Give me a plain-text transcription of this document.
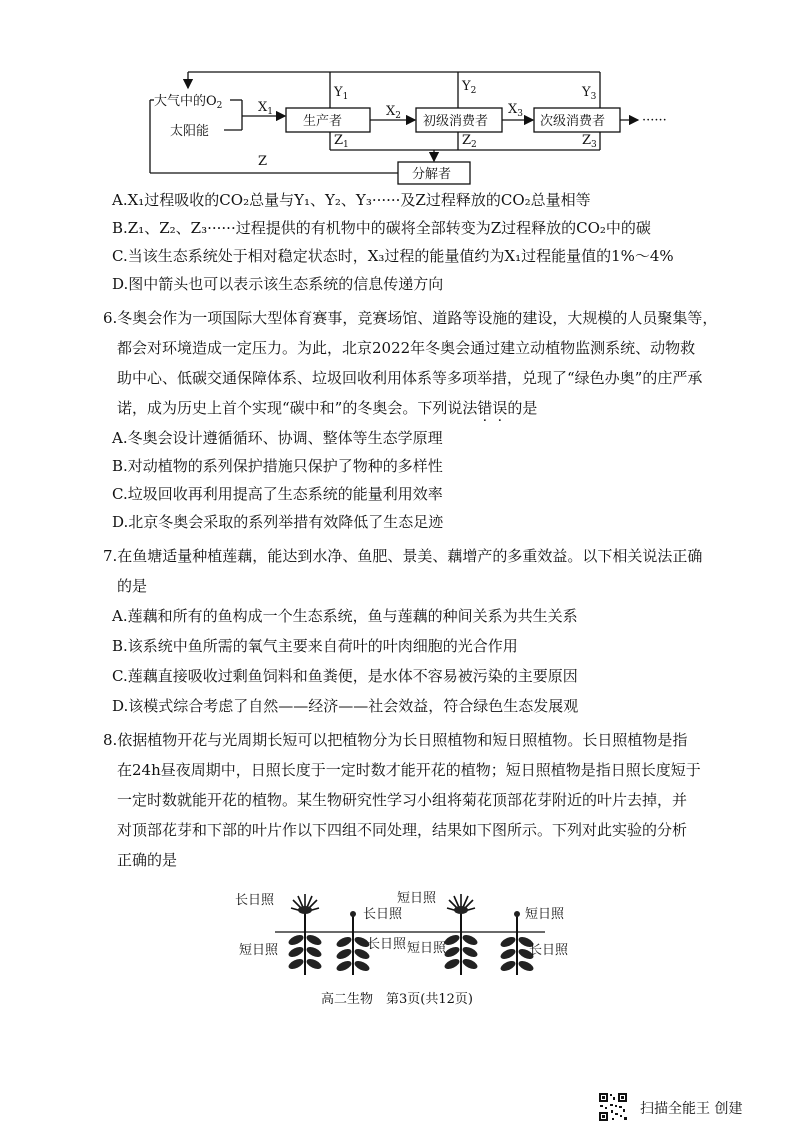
大气中的$O_2$
太阳能
生产者	初级消费者	次级消费者
分解者
$X_1$	$X_2$	$X_3$
$Y_1$
$Y_2$	$Y_3$
$Z_1$	$Z_2$	$Z_3$
Z
······
A.X₁过程吸收的CO₂总量与Y₁、Y₂、Y₃······及Z过程释放的CO₂总量相等
B.Z₁、Z₂、Z₃······过程提供的有机物中的碳将全部转变为Z过程释放的CO₂中的碳
C.当该生态系统处于相对稳定状态时，X₃过程的能量值约为X₁过程能量值的1%～4%
D.图中箭头也可以表示该生态系统的信息传递方向
6.冬奥会作为一项国际大型体育赛事，竞赛场馆、道路等设施的建设，大规模的人员聚集等，
都会对环境造成一定压力。为此，北京2022年冬奥会通过建立动植物监测系统、动物救
助中心、低碳交通保障体系、垃圾回收利用体系等多项举措，兑现了“绿色办奥”的庄严承
诺，成为历史上首个实现“碳中和”的冬奥会。下列说法错误的是
A.冬奥会设计遵循循环、协调、整体等生态学原理
B.对动植物的系列保护措施只保护了物种的多样性
C.垃圾回收再利用提高了生态系统的能量利用效率
D.北京冬奥会采取的系列举措有效降低了生态足迹
7.在鱼塘适量种植莲藕，能达到水净、鱼肥、景美、藕增产的多重效益。以下相关说法正确
的是
A.莲藕和所有的鱼构成一个生态系统，鱼与莲藕的种间关系为共生关系
B.该系统中鱼所需的氧气主要来自荷叶的叶肉细胞的光合作用
C.莲藕直接吸收过剩鱼饲料和鱼粪便，是水体不容易被污染的主要原因
D.该模式综合考虑了自然——经济——社会效益，符合绿色生态发展观
8.依据植物开花与光周期长短可以把植物分为长日照植物和短日照植物。长日照植物是指
在24h昼夜周期中，日照长度于一定时数才能开花的植物；短日照植物是指日照长度短于
一定时数就能开花的植物。某生物研究性学习小组将菊花顶部花芽附近的叶片去掉，并
对顶部花芽和下部的叶片作以下四组不同处理，结果如下图所示。下列对此实验的分析
正确的是
长日照
短日照
长日照
长日照
短日照
短日照
短日照
长日照
高二生物　第3页(共12页)
扫描全能王 创建
